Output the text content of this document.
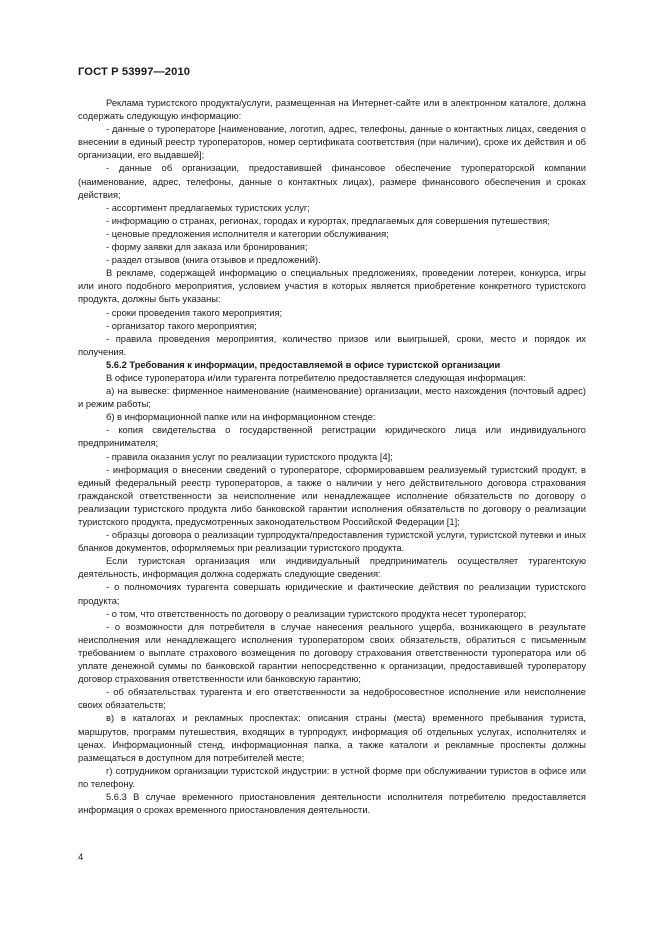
ГОСТ Р 53997—2010

Реклама туристского продукта/услуги, размещенная на Интернет-сайте или в электронном каталоге, должна содержать следующую информацию:

- данные о туроператоре [наименование, логотип, адрес, телефоны, данные о контактных лицах, сведения о внесении в единый реестр туроператоров, номер сертификата соответствия (при наличии), сроке их действия и об организации, его выдавшей];

- данные об организации, предоставившей финансовое обеспечение туроператорской компании (наименование, адрес, телефоны, данные о контактных лицах), размере финансового обеспечения и сроках действия;

- ассортимент предлагаемых туристских услуг;

- информацию о странах, регионах, городах и курортах, предлагаемых для совершения путешествия;

- ценовые предложения исполнителя и категории обслуживания;

- форму заявки для заказа или бронирования;

- раздел отзывов (книга отзывов и предложений).

В рекламе, содержащей информацию о специальных предложениях, проведении лотереи, конкурса, игры или иного подобного мероприятия, условием участия в которых является приобретение конкретного туристского продукта, должны быть указаны:

- сроки проведения такого мероприятия;

- организатор такого мероприятия;

- правила проведения мероприятия, количество призов или выигрышей, сроки, место и порядок их получения.

5.6.2 Требования к информации, предоставляемой в офисе туристской организации

В офисе туроператора и/или турагента потребителю предоставляется следующая информация:

а) на вывеске: фирменное наименование (наименование) организации, место нахождения (почтовый адрес) и режим работы;

б) в информационной папке или на информационном стенде:

- копия свидетельства о государственной регистрации юридического лица или индивидуального предпринимателя;

- правила оказания услуг по реализации туристского продукта [4];

- информация о внесении сведений о туроператоре, сформировавшем реализуемый туристский продукт, в единый федеральный реестр туроператоров, а также о наличии у него действительного договора страхования гражданской ответственности за неисполнение или ненадлежащее исполнение обязательств по договору о реализации туристского продукта либо банковской гарантии исполнения обязательств по договору о реализации туристского продукта, предусмотренных законодательством Российской Федерации [1];

- образцы договора о реализации турпродукта/предоставления туристской услуги, туристской путевки и иных бланков документов, оформляемых при реализации туристского продукта.

Если туристская организация или индивидуальный предприниматель осуществляет турагентскую деятельность, информация должна содержать следующие сведения:

- о полномочиях турагента совершать юридические и фактические действия по реализации туристского продукта;

- о том, что ответственность по договору о реализации туристского продукта несет туроператор;

- о возможности для потребителя в случае нанесения реального ущерба, возникающего в результате неисполнения или ненадлежащего исполнения туроператором своих обязательств, обратиться с письменным требованием о выплате страхового возмещения по договору страхования ответственности туроператора или об уплате денежной суммы по банковской гарантии непосредственно к организации, предоставившей туроператору договор страхования ответственности или банковскую гарантию;

- об обязательствах турагента и его ответственности за недобросовестное исполнение или неисполнение своих обязательств;

в) в каталогах и рекламных проспектах: описания страны (места) временного пребывания туриста, маршрутов, программ путешествия, входящих в турпродукт, информация об отдельных услугах, исполнителях и ценах. Информационный стенд, информационная папка, а также каталоги и рекламные проспекты должны размещаться в доступном для потребителей месте;

г) сотрудником организации туристской индустрии: в устной форме при обслуживании туристов в офисе или по телефону.

5.6.3 В случае временного приостановления деятельности исполнителя потребителю предоставляется информация о сроках временного приостановления деятельности.

4
